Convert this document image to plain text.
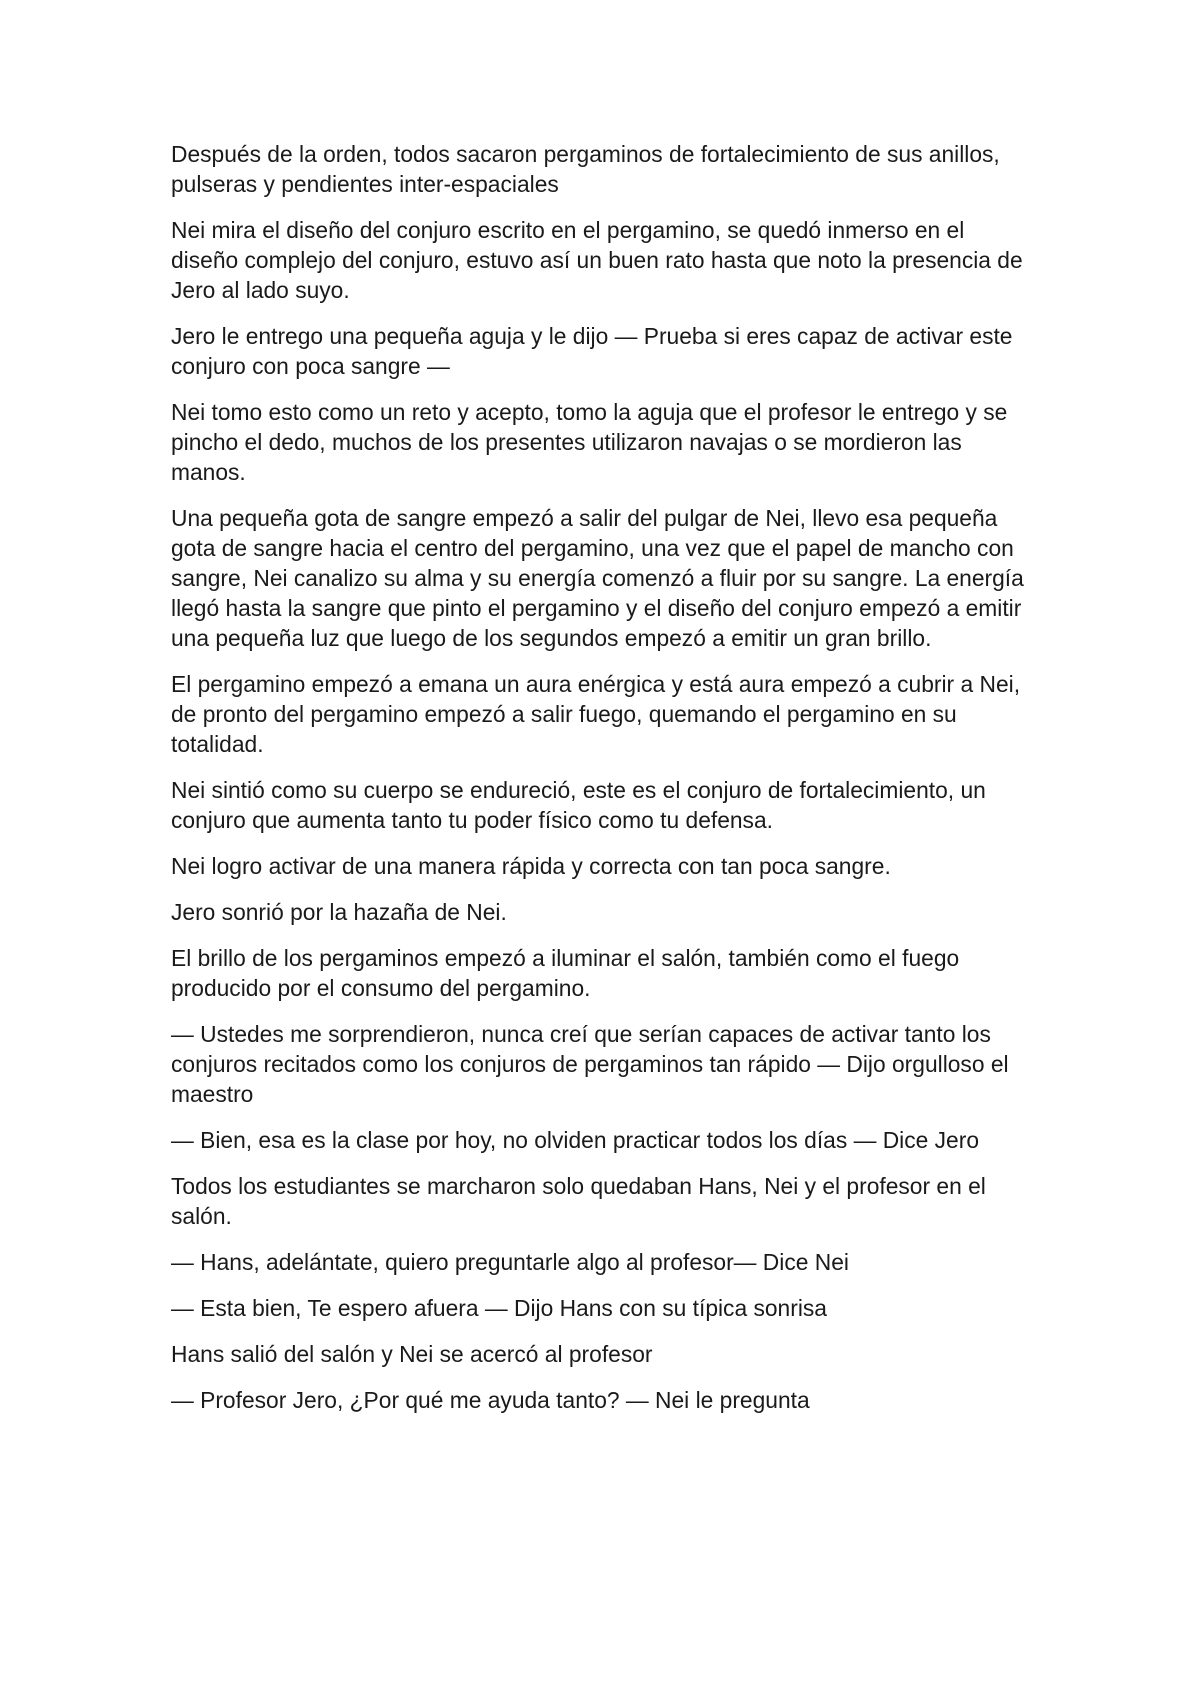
Después de la orden, todos sacaron pergaminos de fortalecimiento de sus anillos, pulseras y pendientes inter-espaciales

Nei mira el diseño del conjuro escrito en el pergamino, se quedó inmerso en el diseño complejo del conjuro, estuvo así un buen rato hasta que noto la presencia de Jero al lado suyo.

Jero le entrego una pequeña aguja y le dijo — Prueba si eres capaz de activar este conjuro con poca sangre —

Nei tomo esto como un reto y acepto, tomo la aguja que el profesor le entrego y se pincho el dedo, muchos de los presentes utilizaron navajas o se mordieron las manos.

Una pequeña gota de sangre empezó a salir del pulgar de Nei, llevo esa pequeña gota de sangre hacia el centro del pergamino, una vez que el papel de mancho con sangre, Nei canalizo su alma y su energía comenzó a fluir por su sangre. La energía llegó hasta la sangre que pinto el pergamino y el diseño del conjuro empezó a emitir una pequeña luz que luego de los segundos empezó a emitir un gran brillo.

El pergamino empezó a emana un aura enérgica y está aura empezó a cubrir a Nei, de pronto del pergamino empezó a salir fuego, quemando el pergamino en su totalidad.

Nei sintió como su cuerpo se endureció, este es el conjuro de fortalecimiento, un conjuro que aumenta tanto tu poder físico como tu defensa.

Nei logro activar de una manera rápida y correcta con tan poca sangre.

Jero sonrió por la hazaña de Nei.

El brillo de los pergaminos empezó a iluminar el salón, también como el fuego producido por el consumo del pergamino.

— Ustedes me sorprendieron, nunca creí que serían capaces de activar tanto los conjuros recitados como los conjuros de pergaminos tan rápido — Dijo orgulloso el maestro

— Bien, esa es la clase por hoy, no olviden practicar todos los días — Dice Jero

Todos los estudiantes se marcharon solo quedaban Hans, Nei y el profesor en el salón.

— Hans, adelántate, quiero preguntarle algo al profesor— Dice Nei

— Esta bien, Te espero afuera — Dijo Hans con su típica sonrisa

Hans salió del salón y Nei se acercó al profesor

— Profesor Jero, ¿Por qué me ayuda tanto? — Nei le pregunta
